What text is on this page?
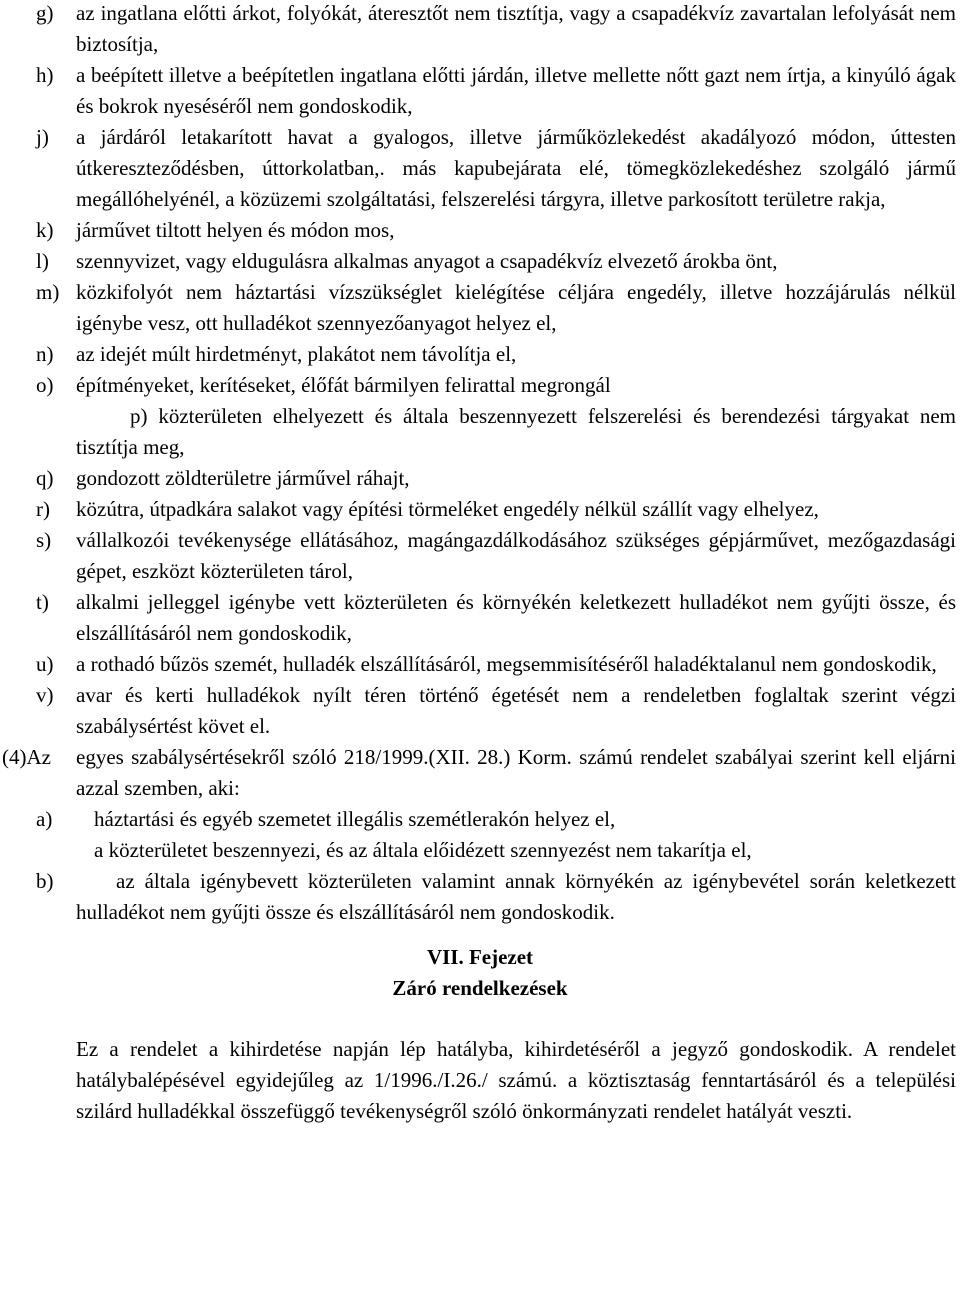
g) az ingatlana előtti árkot, folyókát, áteresztőt nem tisztítja, vagy a csapadékvíz zavartalan lefolyását nem biztosítja,
h) a beépített illetve a beépítetlen ingatlana előtti járdán, illetve mellette nőtt gazt nem írtja, a kinyúló ágak és bokrok nyeséséről nem gondoskodik,
j) a járdáról letakarított havat a gyalogos, illetve járműközlekedést akadályozó módon, úttesten útkereszteződésben, úttorkolatban,. más kapubejárata elé, tömegközlekedéshez szolgáló jármű megállóhelyénél, a közüzemi szolgáltatási, felszerelési tárgyra, illetve parkosított területre rakja,
k) járművet tiltott helyen és módon mos,
l) szennyvizet, vagy eldugulásra alkalmas anyagot a csapadékvíz elvezető árokba önt,
m) közkifolyót nem háztartási vízszükséglet kielégítése céljára engedély, illetve hozzájárulás nélkül igénybe vesz, ott hulladékot szennyezőanyagot helyez el,
n) az idejét múlt hirdetményt, plakátot nem távolítja el,
o) építményeket, kerítéseket, élőfát bármilyen felirattal megrongál
p) közterületen elhelyezett és általa beszennyezett felszerelési és berendezési tárgyakat nem tisztítja meg,
q) gondozott zöldterületre járművel ráhajt,
r) közútra, útpadkára salakot vagy építési törmeléket engedély nélkül szállít vagy elhelyez,
s) vállalkozói tevékenysége ellátásához, magángazdálkodásához szükséges gépjárművet, mezőgazdasági gépet, eszközt közterületen tárol,
t) alkalmi jelleggel igénybe vett közterületen és környékén keletkezett hulladékot nem gyűjti össze, és elszállításáról nem gondoskodik,
u) a rothadó bűzös szemét, hulladék elszállításáról, megsemmisítéséről haladéktalanul nem gondoskodik,
v) avar és kerti hulladékok nyílt téren történő égetését nem a rendeletben foglaltak szerint végzi szabálysértést követ el.
(4)Az egyes szabálysértésekről szóló 218/1999.(XII. 28.) Korm. számú rendelet szabályai szerint kell eljárni azzal szemben, aki:
a)	háztartási és egyéb szemetet illegális szemétlerakón helyez el,
a közterületet beszennyezi, és az általa előidézett szennyezést nem takarítja el,
b)	az általa igénybevett közterületen valamint annak környékén az igénybevétel során keletkezett hulladékot nem gyűjti össze és elszállításáról nem gondoskodik.
VII. Fejezet
Záró rendelkezések
Ez a rendelet a kihirdetése napján lép hatályba, kihirdetéséről a jegyző gondoskodik. A rendelet hatálybalépésével egyidejűleg az 1/1996./I.26./ számú. a köztisztaság fenntartásáról és a települési szilárd hulladékkal összefüggő tevékenységről szóló önkormányzati rendelet hatályát veszti.
